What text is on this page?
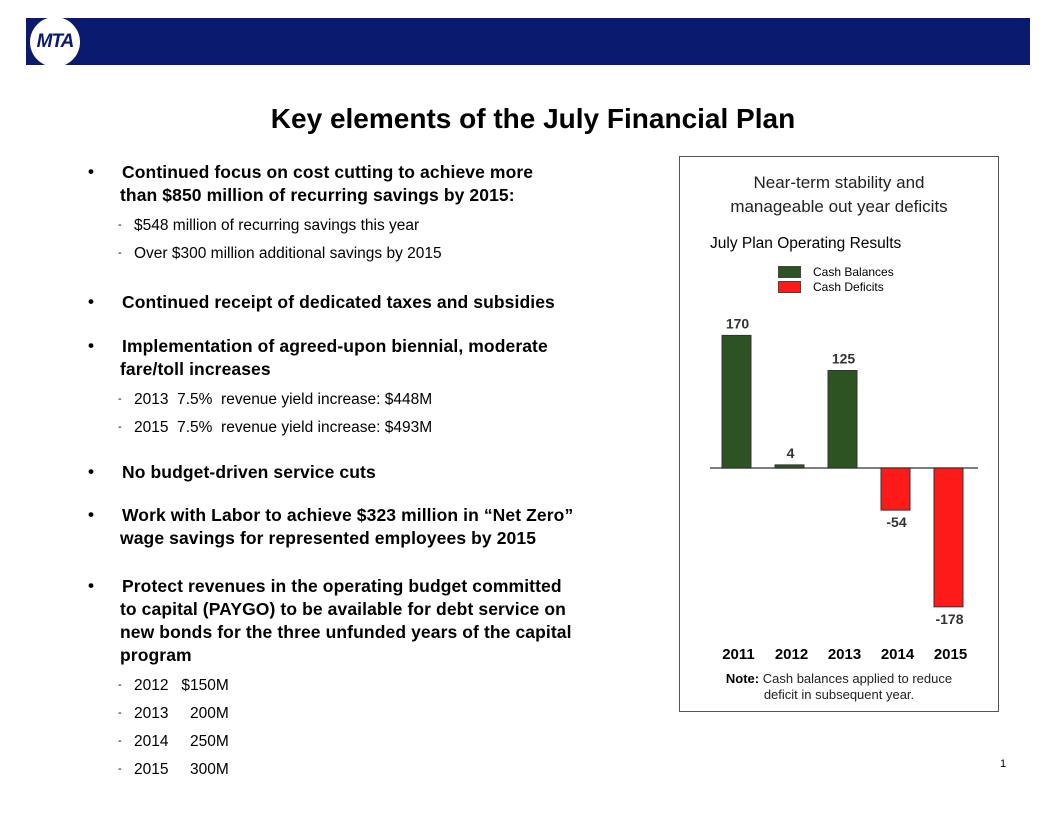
MTA
Key elements of the July Financial Plan
• Continued focus on cost cutting to achieve more
than $850 million of recurring savings by 2015:
- $548 million of recurring savings this year
- Over $300 million additional savings by 2015
• Continued receipt of dedicated taxes and subsidies
• Implementation of agreed-upon biennial, moderate
fare/toll increases
- 2013  7.5%  revenue yield increase: $448M
- 2015  7.5%  revenue yield increase: $493M
• No budget-driven service cuts
• Work with Labor to achieve $323 million in “Net Zero”
wage savings for represented employees by 2015
• Protect revenues in the operating budget committed
to capital (PAYGO) to be available for debt service on
new bonds for the three unfunded years of the capital
program
- 2012   $150M
- 2013     200M
- 2014     250M
- 2015     300M
Near-term stability and
manageable out year deficits
July Plan Operating Results
Cash Balances
Cash Deficits
170
2011
4
2012
125
2013
-54
2014
-178
2015
Note: Cash balances applied to reduce
deficit in subsequent year.
1
